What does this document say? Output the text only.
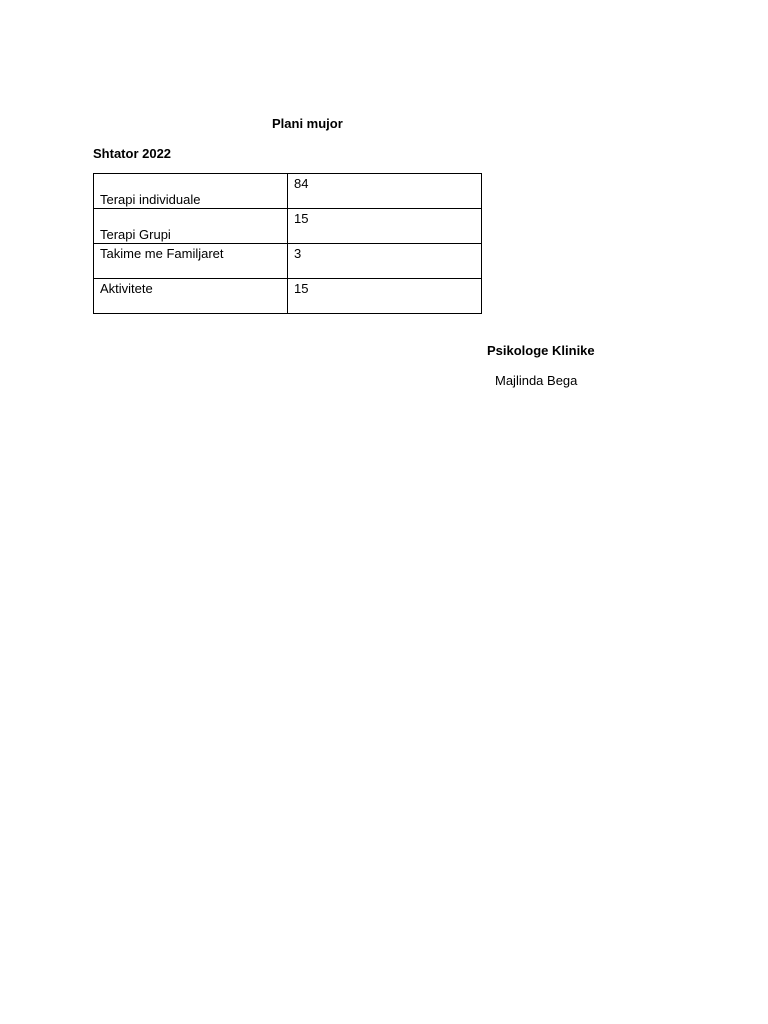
Plani mujor
Shtator 2022
Terapi individuale	84
Terapi Grupi	15
Takime me Familjaret	3
Aktivitete	15
Psikologe Klinike
Majlinda Bega
